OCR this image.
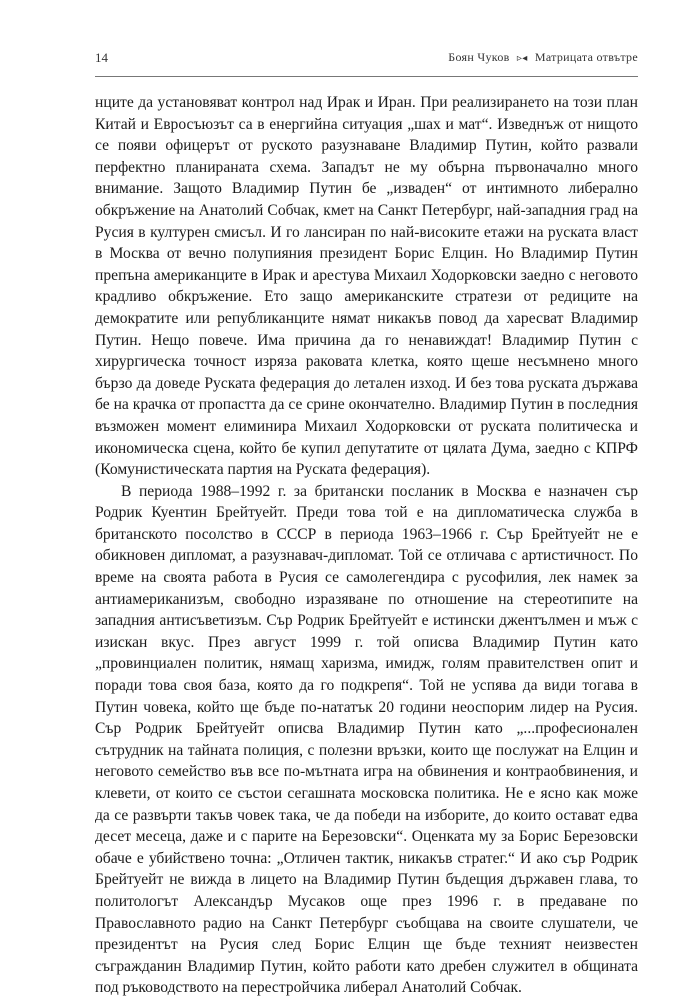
14	Боян Чуков ▹◂ Матрицата отвътре

нците да установяват контрол над Ирак и Иран. При реализирането на този план Китай и Евросъюзът са в енергийна ситуация „шах и мат“. Изведнъж от нищото се появи офицерът от руското разузнаване Владимир Путин, който развали перфектно планираната схема. Западът не му обърна първоначално много внимание. Защото Владимир Путин бе „изваден“ от интимното либерално обкръжение на Анатолий Собчак, кмет на Санкт Петербург, най-западния град на Русия в културен смисъл. И го лансиран по най-високите етажи на руската власт в Москва от вечно полупияния президент Борис Елцин. Но Владимир Путин препъна американците в Ирак и арестува Михаил Ходорковски заедно с неговото крадливо обкръжение. Ето защо американските стратези от редиците на демократите или републиканците нямат никакъв повод да харесват Владимир Путин. Нещо повече. Има причина да го ненавиждат! Владимир Путин с хирургическа точност изряза раковата клетка, която щеше несъмнено много бързо да доведе Руската федерация до летален изход. И без това руската държава бе на крачка от пропастта да се срине окончателно. Владимир Путин в последния възможен момент елиминира Михаил Ходорковски от руската политическа и икономическа сцена, който бе купил депутатите от цялата Дума, заедно с КПРФ (Комунистическата партия на Руската федерация).

В периода 1988–1992 г. за британски посланик в Москва е назначен сър Родрик Куентин Брейтуейт. Преди това той е на дипломатическа служба в британското посолство в СССР в периода 1963–1966 г. Сър Брейтуейт не е обикновен дипломат, а разузнавач-дипломат. Той се отличава с артистичност. По време на своята работа в Русия се самолегендира с русофилия, лек намек за антиамериканизъм, свободно изразяване по отношение на стереотипите на западния антисъветизъм. Сър Родрик Брейтуейт е истински джентълмен и мъж с изискан вкус. През август 1999 г. той описва Владимир Путин като „провинциален политик, нямащ харизма, имидж, голям правителствен опит и поради това своя база, която да го подкрепя“. Той не успява да види тогава в Путин човека, който ще бъде по-нататък 20 години неоспорим лидер на Русия. Сър Родрик Брейтуейт описва Владимир Путин като „...професионален сътрудник на тайната полиция, с полезни връзки, които ще послужат на Елцин и неговото семейство във все по-мътната игра на обвинения и контраобвинения, и клевети, от които се състои сегашната московска политика. Не е ясно как може да се развърти такъв човек така, че да победи на изборите, до които остават едва десет месеца, даже и с парите на Березовски“. Оценката му за Борис Березовски обаче е убийствено точна: „Отличен тактик, никакъв стратег.“ И ако сър Родрик Брейтуейт не вижда в лицето на Владимир Путин бъдещия държавен глава, то политологът Александър Мусаков още през 1996 г. в предаване по Православното радио на Санкт Петербург съобщава на своите слушатели, че президентът на Русия след Борис Елцин ще бъде техният неизвестен съгражданин Владимир Путин, който работи като дребен служител в общината под ръководството на перестройчика либерал Анатолий Собчак.
